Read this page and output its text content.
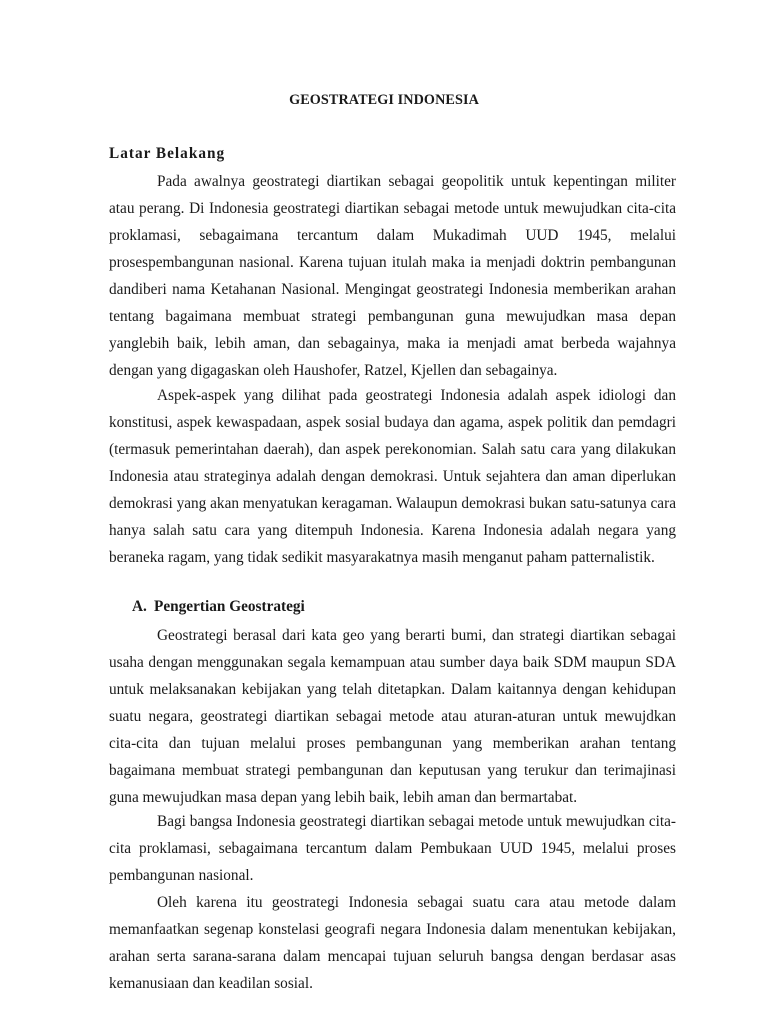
GEOSTRATEGI INDONESIA
Latar Belakang

Pada awalnya geostrategi diartikan sebagai geopolitik untuk kepentingan militer atau perang. Di Indonesia geostrategi diartikan sebagai metode untuk mewujudkan cita-cita proklamasi, sebagaimana tercantum dalam Mukadimah UUD 1945, melalui prosespembangunan nasional. Karena tujuan itulah maka ia menjadi doktrin pembangunan dandiberi nama Ketahanan Nasional. Mengingat geostrategi Indonesia memberikan arahan tentang bagaimana membuat strategi pembangunan guna mewujudkan masa depan yanglebih baik, lebih aman, dan sebagainya, maka ia menjadi amat berbeda wajahnya dengan yang digagaskan oleh Haushofer, Ratzel, Kjellen dan sebagainya.

Aspek-aspek yang dilihat pada geostrategi Indonesia adalah aspek idiologi dan konstitusi, aspek kewaspadaan, aspek sosial budaya dan agama, aspek politik dan pemdagri (termasuk pemerintahan daerah), dan aspek perekonomian. Salah satu cara yang dilakukan Indonesia atau strateginya adalah dengan demokrasi. Untuk sejahtera dan aman diperlukan demokrasi yang akan menyatukan keragaman. Walaupun demokrasi bukan satu-satunya cara hanya salah satu cara yang ditempuh Indonesia. Karena Indonesia adalah negara yang beraneka ragam, yang tidak sedikit masyarakatnya masih menganut paham patternalistik.

A. Pengertian Geostrategi

Geostrategi berasal dari kata geo yang berarti bumi, dan strategi diartikan sebagai usaha dengan menggunakan segala kemampuan atau sumber daya baik SDM maupun SDA untuk melaksanakan kebijakan yang telah ditetapkan. Dalam kaitannya dengan kehidupan suatu negara, geostrategi diartikan sebagai metode atau aturan-aturan untuk mewujdkan cita-cita dan tujuan melalui proses pembangunan yang memberikan arahan tentang bagaimana membuat strategi pembangunan dan keputusan yang terukur dan terimajinasi guna mewujudkan masa depan yang lebih baik, lebih aman dan bermartabat.

Bagi bangsa Indonesia geostrategi diartikan sebagai metode untuk mewujudkan cita-cita proklamasi, sebagaimana tercantum dalam Pembukaan UUD 1945, melalui proses pembangunan nasional.

Oleh karena itu geostrategi Indonesia sebagai suatu cara atau metode dalam memanfaatkan segenap konstelasi geografi negara Indonesia dalam menentukan kebijakan, arahan serta sarana-sarana dalam mencapai tujuan seluruh bangsa dengan berdasar asas kemanusiaan dan keadilan sosial.
